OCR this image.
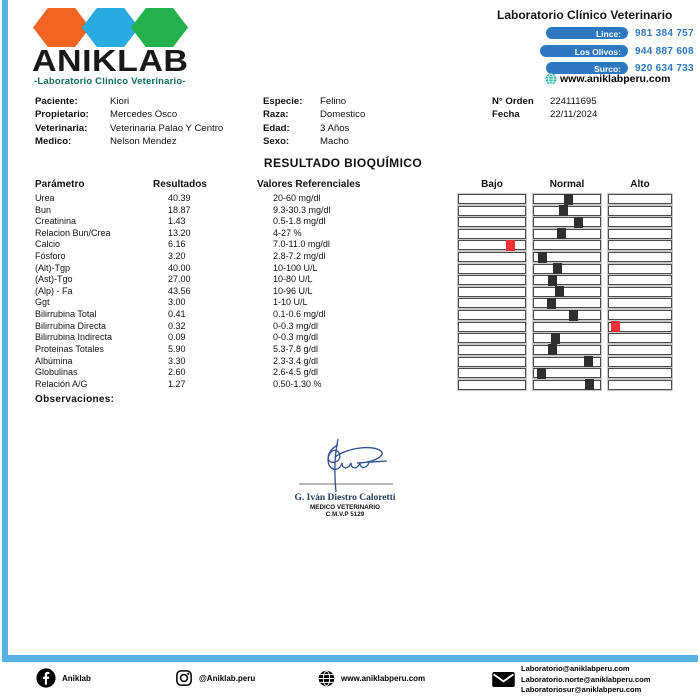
ANIKLAB
-Laboratorio Clinico Veterinario-
Laboratorio Clínico Veterinario
Lince:	981 384 757
Los Olivos:	944 887 608
Surco:	920 634 733
www.aniklabperu.com
Paciente:	Kiori
Propietario: Mercedes Osco
Veterinaria: Veterinaria Palao Y Centro
Medico:	Nelson Mendez
Especie: Felino
Raza:	Domestico
Edad:	3 Años
Sexo:	Macho
N° Orden 224111695
Fecha	22/11/2024
RESULTADO BIOQUÍMICO
Parámetro	Resultados	Valores Referenciales	Bajo	Normal	Alto
Urea	40.39	20-60 mg/dl
Bun	18.87	9.3-30.3 mg/dl
Creatinina	1.43	0.5-1.8 mg/dl
Relacion Bun/Crea	13.20	4-27 %
Calcio	6.16	7.0-11.0 mg/dl
Fósforo	3.20	2.8-7.2 mg/dl
(Alt)-Tgp	40.00	10-100 U/L
(Ast)-Tgo	27.00	10-80 U/L
(Alp) - Fa	43.56	10-96 U/L
Ggt	3.00	1-10 U/L
Bilirrubina Total	0.41	0.1-0.6 mg/dl
Bilirrubina Directa	0.32	0-0.3 mg/dl
Bilirrubina Indirecta	0.09	0-0.3 mg/dl
Proteinas Totales	5.90	5.3-7.8 g/dl
Albúmina	3.30	2.3-3.4 g/dl
Globulinas	2.60	2.6-4.5 g/dl
Relación A/G	1.27	0.50-1.30 %
Observaciones:
G. Iván Diestro Caloretti
MEDICO VETERINARIO
C.M.V.P 5129
Aniklab	@Aniklab.peru	www.aniklabperu.com
Laboratorio@aniklabperu.com
Laboratorio.norte@aniklabperu.com
Laboratoriosur@aniklabperu.com
